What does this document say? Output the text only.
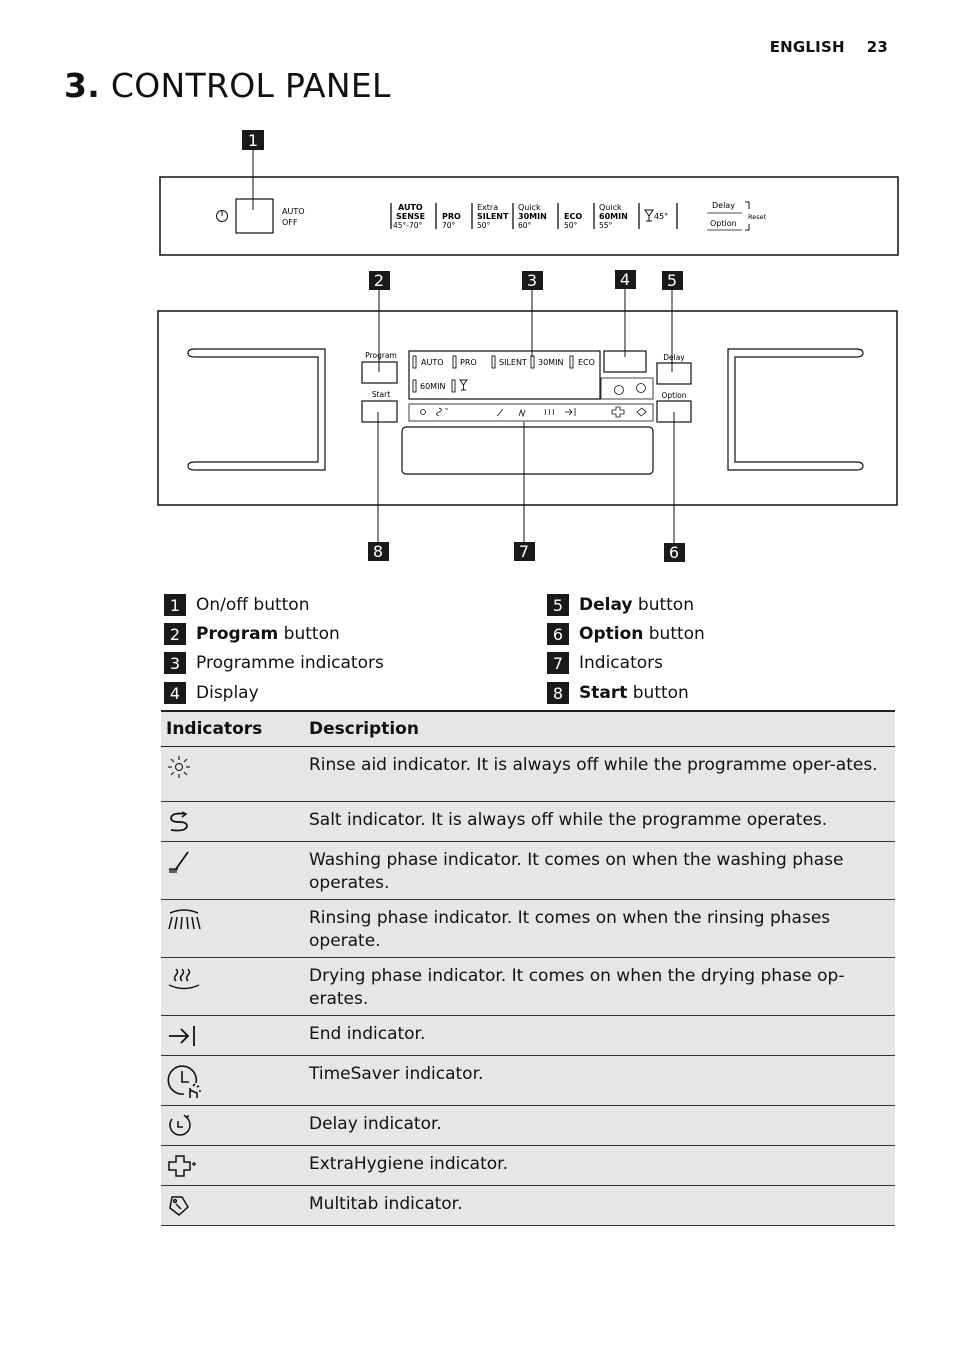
ENGLISH 23
3. CONTROL PANEL
1
AUTO
OFF
AUTO
SENSE
45°-70°
PRO
70°
Extra
SILENT
50°
Quick
30MIN
60°
ECO
50°
Quick
60MIN
55°
45°
Delay
Option
Reset
Program
Start
Delay
Option
AUTO PRO	SILENT 30MIN ECO
60MIN
2	3	4 5
8	7	6
1 On/off button
2 Program button
3 Programme indicators
4 Display
5 Delay button
6 Option button
7 Indicators
8 Start button
Indicators	Description

	Rinse aid indicator. It is always off while the programme oper-ates.

	Salt indicator. It is always off while the programme operates.

	Washing phase indicator. It comes on when the washing phase operates.

	Rinsing phase indicator. It comes on when the rinsing phases operate.

	Drying phase indicator. It comes on when the drying phase op-erates.

	End indicator.

	TimeSaver indicator.

	Delay indicator.

	ExtraHygiene indicator.

	Multitab indicator.
